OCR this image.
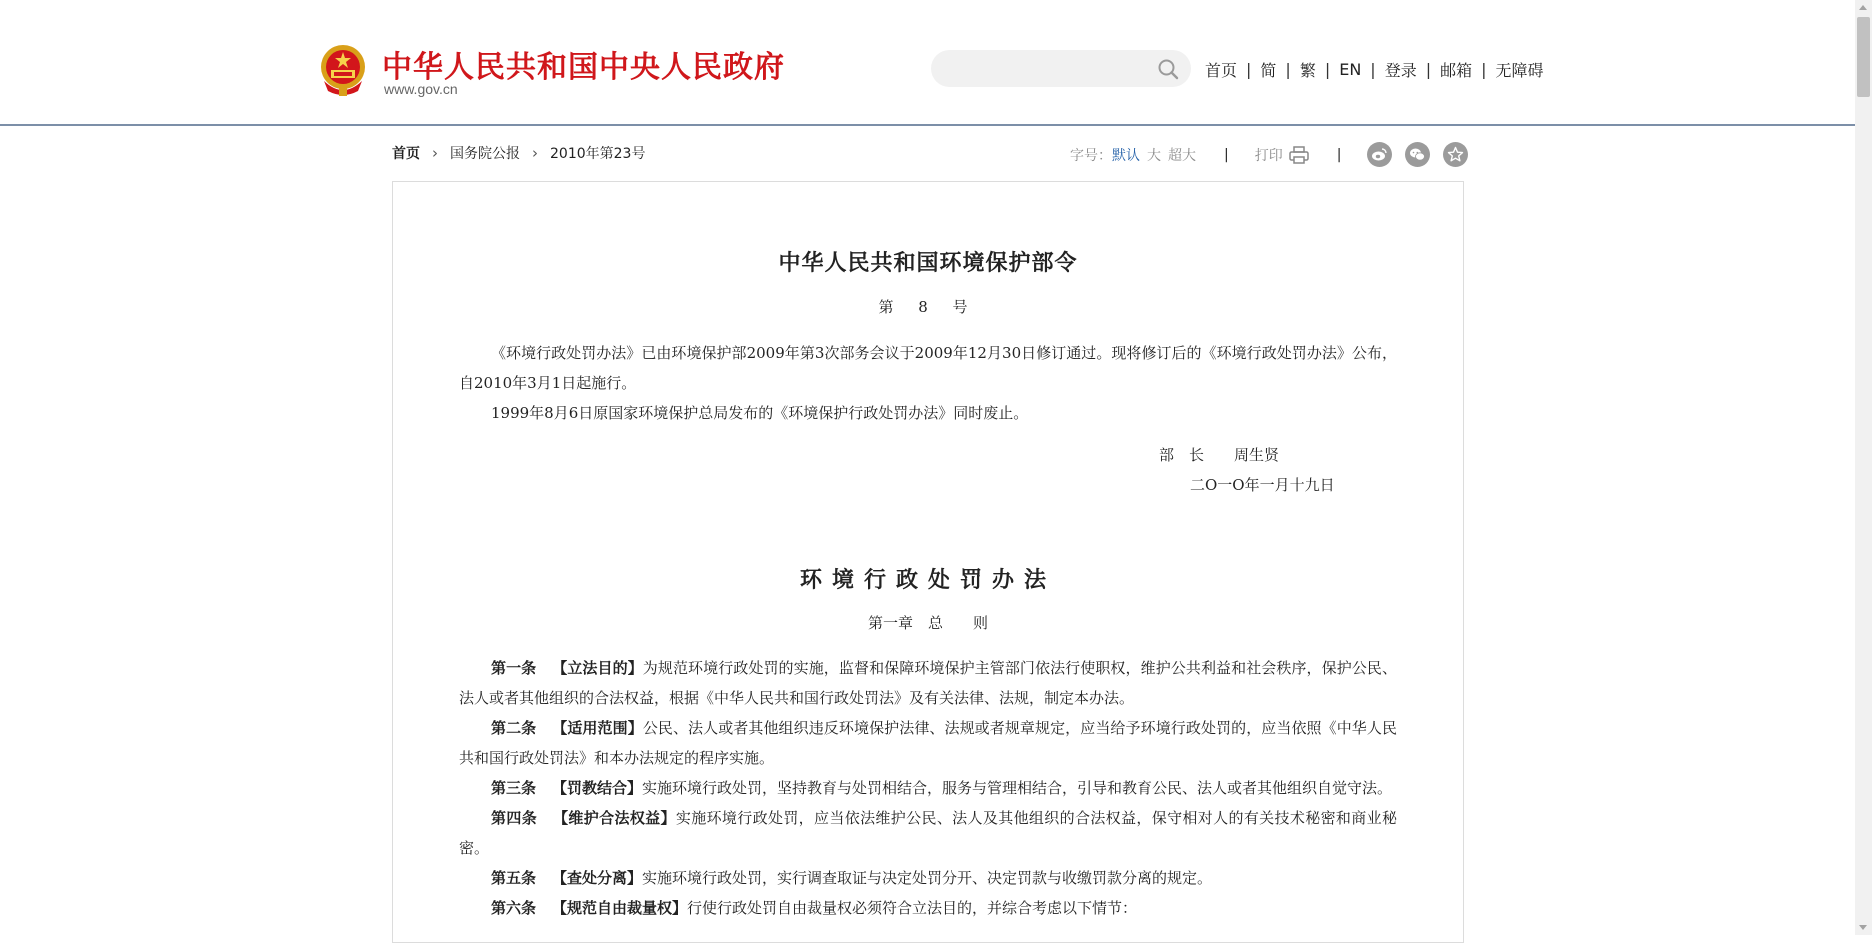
中华人民共和国中央人民政府
www.gov.cn
首页 | 简 | 繁 | EN | 登录 | 邮箱 | 无障碍
首页 › 国务院公报 › 2010年第23号	字号： 默认 大 超大 | 打印	|
中华人民共和国环境保护部令
第 8 号

《环境行政处罚办法》已由环境保护部2009年第3次部务会议于2009年12月30日修订通过。现将修订后的《环境行政处罚办法》公布，自2010年3月1日起施行。

1999年8月6日原国家环境保护总局发布的《环境保护行政处罚办法》同时废止。

部　长　　周生贤
二O一O年一月十九日
环境行政处罚办法
第一章　总　　则

第一条 【立法目的】为规范环境行政处罚的实施，监督和保障环境保护主管部门依法行使职权，维护公共利益和社会秩序，保护公民、法人或者其他组织的合法权益，根据《中华人民共和国行政处罚法》及有关法律、法规，制定本办法。

第二条 【适用范围】公民、法人或者其他组织违反环境保护法律、法规或者规章规定，应当给予环境行政处罚的，应当依照《中华人民共和国行政处罚法》和本办法规定的程序实施。

第三条 【罚教结合】实施环境行政处罚，坚持教育与处罚相结合，服务与管理相结合，引导和教育公民、法人或者其他组织自觉守法。

第四条 【维护合法权益】实施环境行政处罚，应当依法维护公民、法人及其他组织的合法权益，保守相对人的有关技术秘密和商业秘密。

第五条 【查处分离】实施环境行政处罚，实行调查取证与决定处罚分开、决定罚款与收缴罚款分离的规定。

第六条 【规范自由裁量权】行使行政处罚自由裁量权必须符合立法目的，并综合考虑以下情节：
